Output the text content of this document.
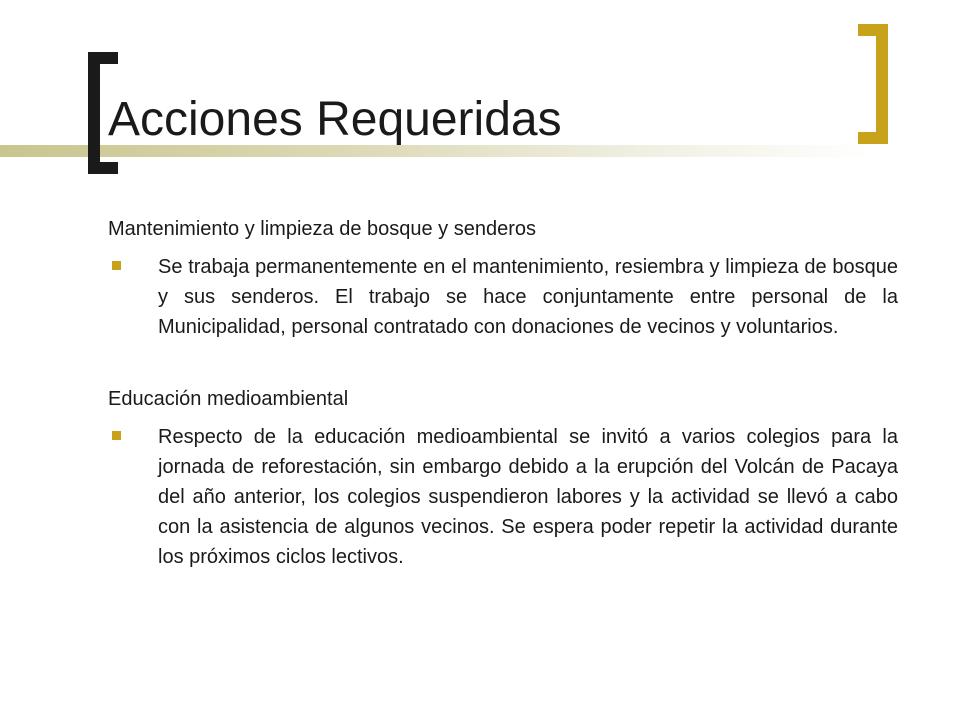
Acciones Requeridas

Mantenimiento y limpieza de bosque y senderos

Se trabaja permanentemente en el mantenimiento, resiembra y limpieza de bosque y sus senderos. El trabajo se hace conjuntamente entre personal de la Municipalidad, personal contratado con donaciones de vecinos y voluntarios.

Educación medioambiental

Respecto de la educación medioambiental se invitó a varios colegios para la jornada de reforestación, sin embargo debido a la erupción del Volcán de Pacaya del año anterior, los colegios suspendieron labores y la actividad se llevó a cabo con la asistencia de algunos vecinos. Se espera poder repetir la actividad durante los próximos ciclos lectivos.
